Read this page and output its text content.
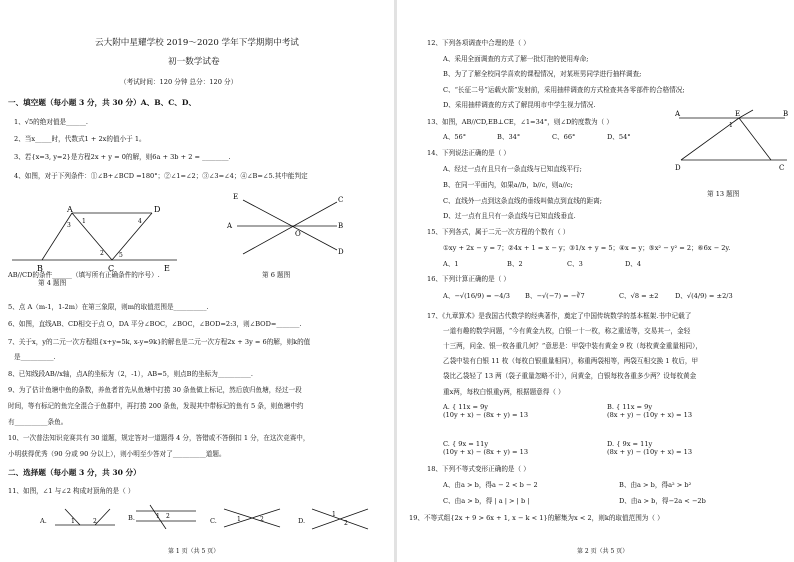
云大附中星耀学校 2019～2020 学年下学期期中考试
初一数学试卷
（考试时间：120 分钟 总分：120 分）
一、填空题（每小题 3 分，共 30 分）A、B、C、D、
1、√5的绝对值是______.
2、当x_____时，代数式1 + 2x的值小于 1。
3、若{x=3, y=2}是方程2x + y = 0的解，则6a + 3b + 2 = ________.
4、如图，对于下列条件：①∠B+∠BCD =180°；②∠1=∠2；③∠3=∠4；④∠B=∠5.其中能判定
A	D
B	C	E
1
2
3
4
5
AB//CD的条件______（填写所有正确条件的序号）.
第 4 题图
A	B
C
D
E
O
第 6 题图
5、点 A（m-1，1-2m）在第三象限，则m的取值范围是__________.
6、如图，直线AB、CD相交于点 O，DA 平分∠BOC，∠BOC，∠BOD=2:3，则∠BOD=_______.
7、关于x，y的二元一次方程组{x+y=5k, x-y=9k}的解也是二元一次方程2x + 3y = 6的解，则k的值
是__________.
8、已知线段AB//x轴，点A的坐标为（2，-1），AB=5，则点B的坐标为__________.
9、为了估计鱼塘中鱼的条数，养鱼者首先从鱼塘中打捞 30 条鱼做上标记，然后放归鱼塘，经过一段
时间，等有标记的鱼完全混合于鱼群中，再打捞 200 条鱼，发现其中带标记的鱼有 5 条，则鱼塘中约
有__________条鱼。
10、一次普法知识竞赛共有 30 道题，规定答对一道题得 4 分，答错或不答倒扣 1 分，在这次竞赛中，
小明获得优秀（90 分或 90 分以上），则小明至少答对了__________道题。
二、选择题（每小题 3 分，共 30 分）
11、如图，∠1 与∠2 构成对顶角的是（ ）
A.	1	2	B.	1 2
C.	1	2	D.
1
2
第 1 页（共 5 页）
12、下列各项调查中合理的是（ ）
A、采用全面调查的方式了解一批灯泡的使用寿命;
B、为了了解全校同学喜欢的课程情况，对某班男同学进行抽样调查;
C、“长征二号”运载火箭”发射前，采用抽样调查的方式检查其各零部件的合格情况;
D、采用抽样调查的方式了解昆明市中学生视力情况.
13、如图，AB//CD,EB⊥CE，∠1=34°，则∠D的度数为（ ）
A、56°	B、34°	C、66°	D、54°
A	B
E
D	C
1
第 13 题图
14、下列说法正确的是（ ）
A、经过一点有且只有一条直线与已知直线平行;
B、在同一平面内，如果a//b，b//c，则a//c;
C、直线外一点到这条直线的垂线叫做点到直线的距离;
D、过一点有且只有一条直线与已知直线垂直.
15、下列各式，属于二元一次方程的个数有（ ）
①xy + 2x − y = 7；②4x + 1 = x − y；③1/x + y = 5；④x = y；⑤x² − y² = 2；⑥6x − 2y.
A、1	B、2	C、3	D、4
16、下列计算正确的是（ ）
A、−√(16/9) = −4/3 B、−√(−7) = −∛7	C、√8 = ±2	D、√(4/9) = ±2/3
17、《九章算术》是我国古代数学的经典著作，奠定了中国传统数学的基本框架.书中记载了
一道有趣的数学问题，“今有黄金九枚，白银一十一枚，称之重适等，交易其一，金轻
十三两，问金、银一枚各重几何？”意思是：甲袋中装有黄金 9 枚（每枚黄金重量相同），
乙袋中装有白银 11 枚（每枚白银重量相同），称重两袋相等，两袋互相交换 1 枚后，甲
袋比乙袋轻了 13 两（袋子重量忽略不计），问黄金，白银每枚各重多少两？设每枚黄金
重x两，每枚白银重y两，根据题意得（ ）
A. { 11x = 9y
(10y + x) − (8x + y) = 13
B. { 11x = 9y
(8x + y) − (10y + x) = 13
C. { 9x = 11y
(10y + x) − (8x + y) = 13
D. { 9x = 11y
(8x + y) − (10y + x) = 13
18、下列不等式变形正确的是（ ）
A、由a > b，得a − 2 < b − 2	B、由a > b，得a² > b²
C、由a > b，得 | a | > | b |	D、由a > b，得−2a < −2b
19、不等式组{2x + 9 > 6x + 1, x − k < 1}的解集为x < 2，则k的取值范围为（ ）
第 2 页（共 5 页）
